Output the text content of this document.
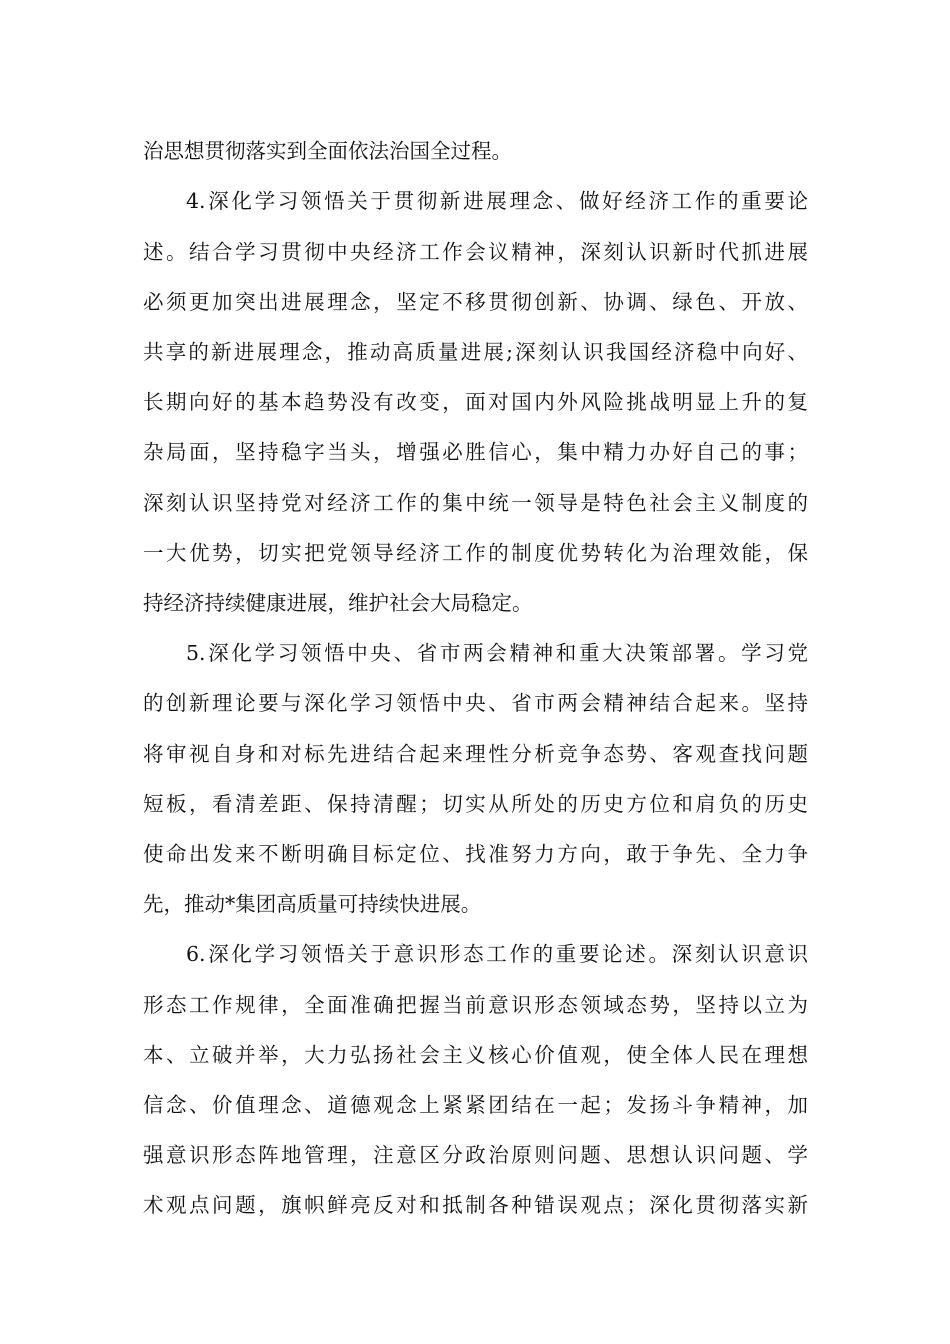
治思想贯彻落实到全面依法治国全过程。
4.深化学习领悟关于贯彻新进展理念、做好经济工作的重要论
述。结合学习贯彻中央经济工作会议精神，深刻认识新时代抓进展
必须更加突出进展理念，坚定不移贯彻创新、协调、绿色、开放、
共享的新进展理念，推动高质量进展;深刻认识我国经济稳中向好、
长期向好的基本趋势没有改变，面对国内外风险挑战明显上升的复
杂局面，坚持稳字当头，增强必胜信心，集中精力办好自己的事；
深刻认识坚持党对经济工作的集中统一领导是特色社会主义制度的
一大优势，切实把党领导经济工作的制度优势转化为治理效能，保
持经济持续健康进展，维护社会大局稳定。
5.深化学习领悟中央、省市两会精神和重大决策部署。学习党
的创新理论要与深化学习领悟中央、省市两会精神结合起来。坚持
将审视自身和对标先进结合起来理性分析竞争态势、客观查找问题
短板，看清差距、保持清醒；切实从所处的历史方位和肩负的历史
使命出发来不断明确目标定位、找准努力方向，敢于争先、全力争
先，推动*集团高质量可持续快进展。
6.深化学习领悟关于意识形态工作的重要论述。深刻认识意识
形态工作规律，全面准确把握当前意识形态领域态势，坚持以立为
本、立破并举，大力弘扬社会主义核心价值观，使全体人民在理想
信念、价值理念、道德观念上紧紧团结在一起；发扬斗争精神，加
强意识形态阵地管理，注意区分政治原则问题、思想认识问题、学
术观点问题，旗帜鲜亮反对和抵制各种错误观点；深化贯彻落实新
